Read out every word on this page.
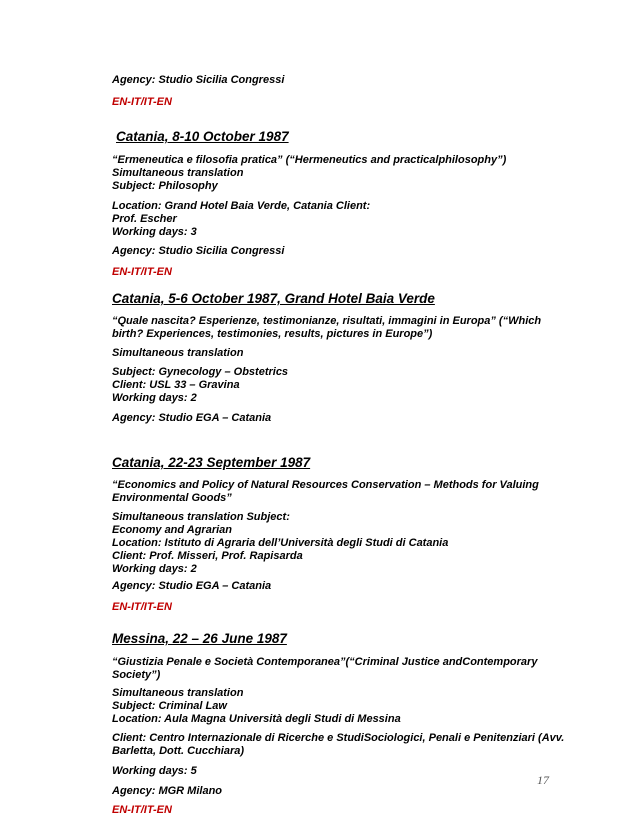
Agency: Studio Sicilia Congressi
EN-IT/IT-EN
Catania, 8-10 October 1987
“Ermeneutica e filosofia pratica” (“Hermeneutics and practicalphilosophy”)
Simultaneous translation
Subject: Philosophy
Location: Grand Hotel Baia Verde, Catania Client:
Prof. Escher
Working days: 3
Agency: Studio Sicilia Congressi
EN-IT/IT-EN
Catania, 5-6 October 1987, Grand Hotel Baia Verde
“Quale nascita? Esperienze, testimonianze, risultati, immagini in Europa” (“Which
birth? Experiences, testimonies, results, pictures in Europe”)
Simultaneous translation
Subject: Gynecology – Obstetrics
Client: USL 33 – Gravina
Working days: 2
Agency: Studio EGA – Catania
Catania, 22-23 September 1987
“Economics and Policy of Natural Resources Conservation – Methods for Valuing
Environmental Goods”
Simultaneous translation Subject:
Economy and Agrarian
Location: Istituto di Agraria dell’Università degli Studi di Catania
Client: Prof. Misseri, Prof. Rapisarda
Working days: 2
Agency: Studio EGA – Catania
EN-IT/IT-EN
Messina, 22 – 26 June 1987
“Giustizia Penale e Società Contemporanea”(“Criminal Justice andContemporary
Society”)
Simultaneous translation
Subject: Criminal Law
Location: Aula Magna Università degli Studi di Messina
Client: Centro Internazionale di Ricerche e StudiSociologici, Penali e Penitenziari (Avv.
Barletta, Dott. Cucchiara)
Working days: 5
Agency: MGR Milano
EN-IT/IT-EN
17
